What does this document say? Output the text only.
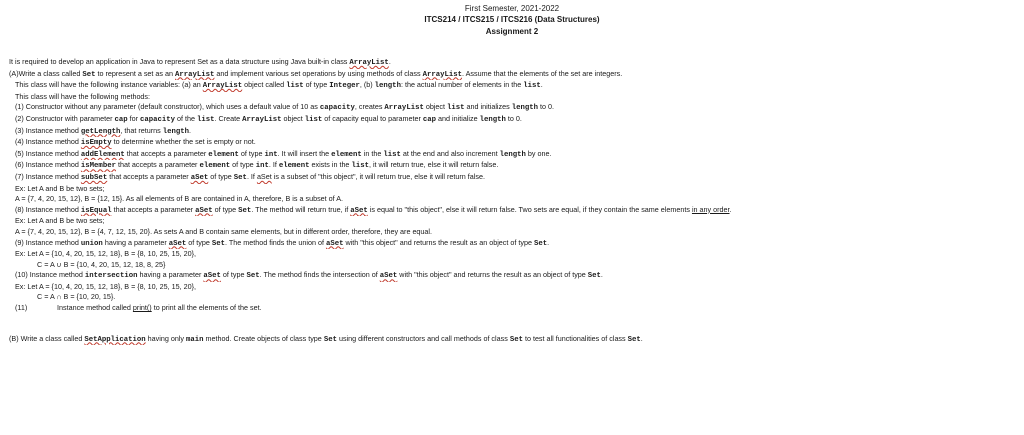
First Semester, 2021-2022
ITCS214 / ITCS215 / ITCS216 (Data Structures)
Assignment 2
It is required to develop an application in Java to represent Set as a data structure using Java built-in class ArrayList.
(A)Write a class called Set to represent a set as an ArrayList and implement various set operations by using methods of class ArrayList. Assume that the elements of the set are integers.
This class will have the following instance variables: (a) an ArrayList object called list of type Integer, (b) length: the actual number of elements in the list.
This class will have the following methods:
(1) Constructor without any parameter (default constructor), which uses a default value of 10 as capacity, creates ArrayList object list and initializes length to 0.
(2) Constructor with parameter cap for capacity of the list. Create ArrayList object list of capacity equal to parameter cap and initialize length to 0.
(3) Instance method getLength, that returns length.
(4) Instance method isEmpty to determine whether the set is empty or not.
(5) Instance method addElement that accepts a parameter element of type int. It will insert the element in the list at the end and also increment length by one.
(6) Instance method isMember that accepts a parameter element of type int. If element exists in the list, it will return true, else it will return false.
(7) Instance method subSet that accepts a parameter aSet of type Set. If aSet is a subset of "this object", it will return true, else it will return false.
Ex: Let A and B be two sets;
A = {7, 4, 20, 15, 12}, B = {12, 15}. As all elements of B are contained in A, therefore, B is a subset of A.
(8) Instance method isEqual that accepts a parameter aSet of type Set. The method will return true, if aSet is equal to "this object", else it will return false. Two sets are equal, if they contain the same elements in any order.
Ex: Let A and B be two sets;
A = {7, 4, 20, 15, 12}, B = {4, 7, 12, 15, 20}. As sets A and B contain same elements, but in different order, therefore, they are equal.
(9) Instance method union having a parameter aSet of type Set. The method finds the union of aSet with "this object" and returns the result as an object of type Set.
Ex: Let A = {10, 4, 20, 15, 12, 18}, B = {8, 10, 25, 15, 20},
C = A ∪ B = {10, 4, 20, 15, 12, 18, 8, 25}
(10) Instance method intersection having a parameter aSet of type Set. The method finds the intersection of aSet with "this object" and returns the result as an object of type Set.
Ex: Let A = {10, 4, 20, 15, 12, 18}, B = {8, 10, 25, 15, 20},
C = A ∩ B = {10, 20, 15}.
(11)	Instance method called print() to print all the elements of the set.
(B) Write a class called SetApplication having only main method. Create objects of class type Set using different constructors and call methods of class Set to test all functionalities of class Set.
